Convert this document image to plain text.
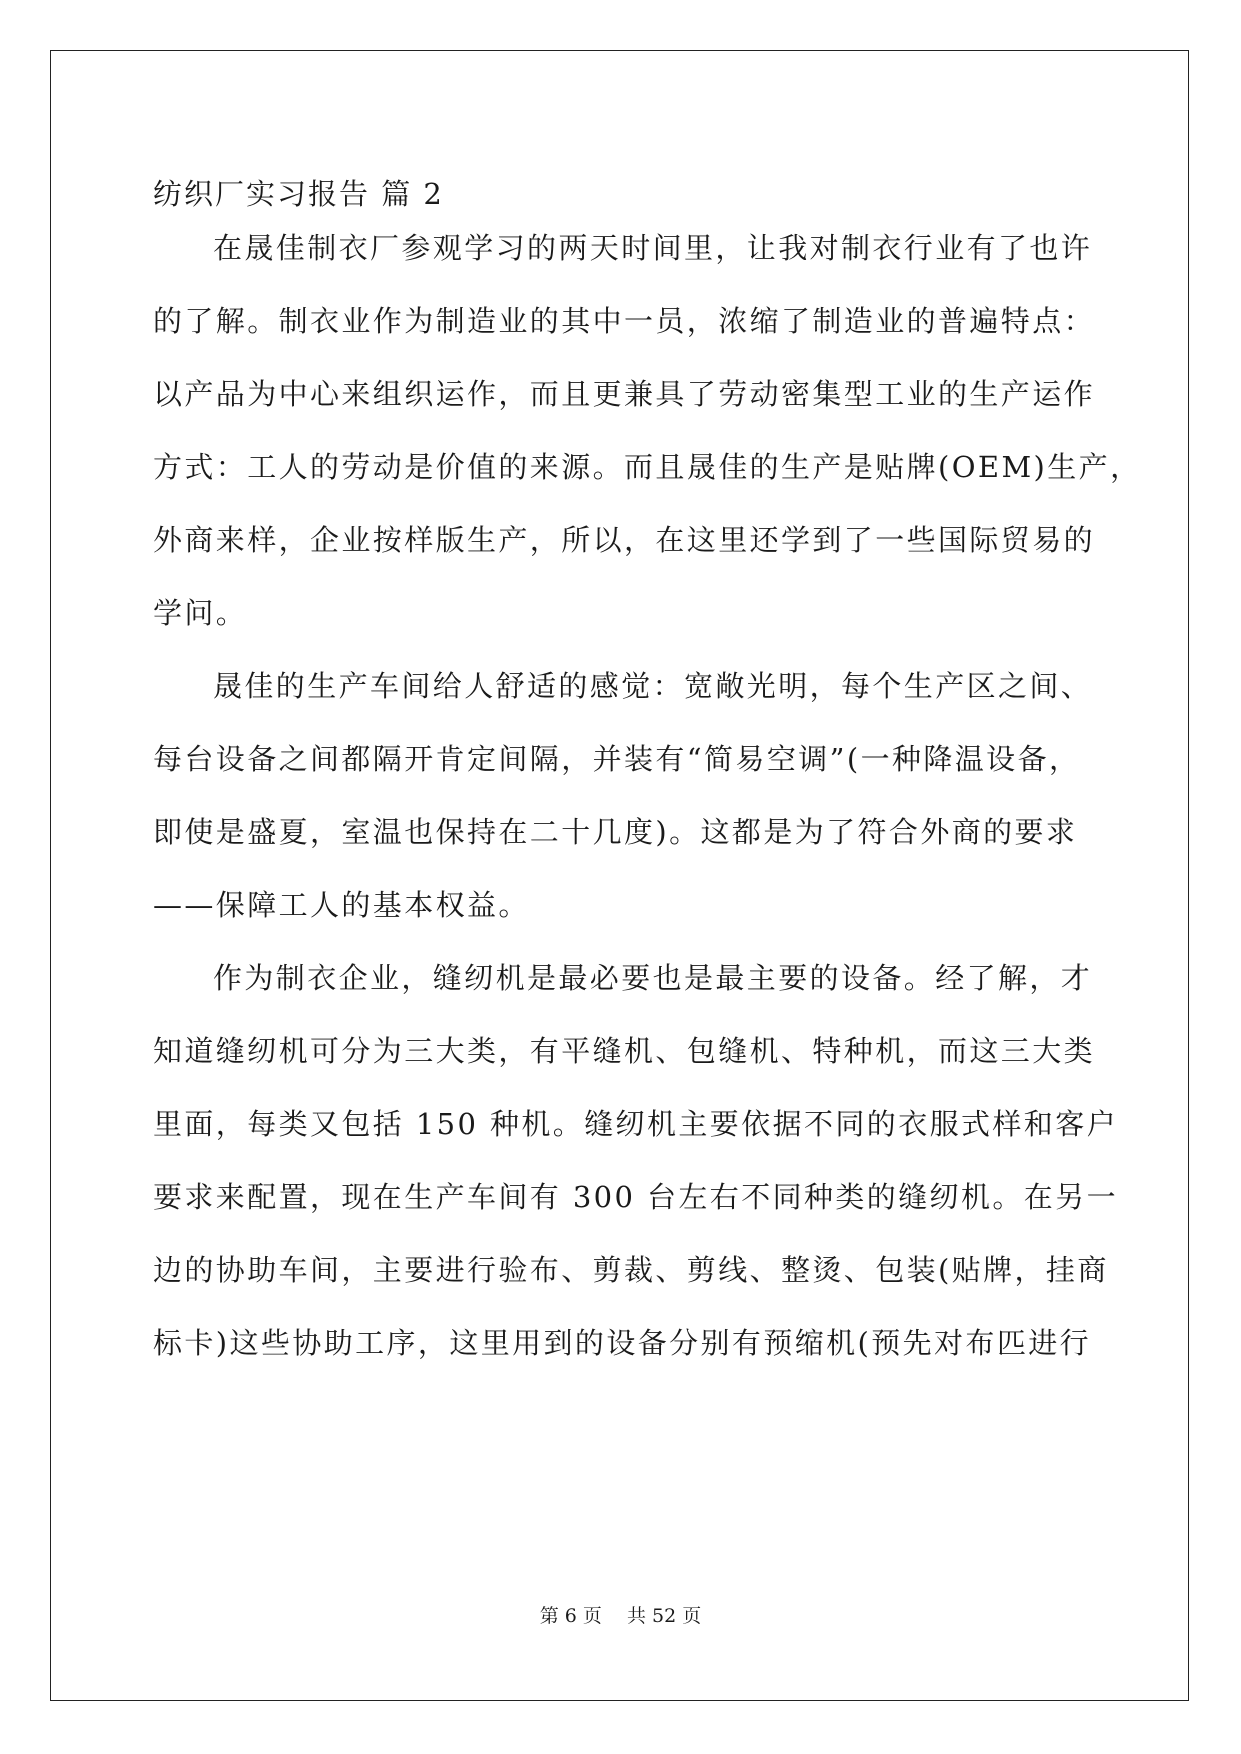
纺织厂实习报告 篇 2
在晟佳制衣厂参观学习的两天时间里，让我对制衣行业有了也许
的了解。制衣业作为制造业的其中一员，浓缩了制造业的普遍特点：
以产品为中心来组织运作，而且更兼具了劳动密集型工业的生产运作
方式：工人的劳动是价值的来源。而且晟佳的生产是贴牌(OEM)生产，
外商来样，企业按样版生产，所以，在这里还学到了一些国际贸易的
学问。
晟佳的生产车间给人舒适的感觉：宽敞光明，每个生产区之间、
每台设备之间都隔开肯定间隔，并装有“简易空调”(一种降温设备，
即使是盛夏，室温也保持在二十几度)。这都是为了符合外商的要求
——保障工人的基本权益。
作为制衣企业，缝纫机是最必要也是最主要的设备。经了解，才
知道缝纫机可分为三大类，有平缝机、包缝机、特种机，而这三大类
里面，每类又包括 150 种机。缝纫机主要依据不同的衣服式样和客户
要求来配置，现在生产车间有 300 台左右不同种类的缝纫机。在另一
边的协助车间，主要进行验布、剪裁、剪线、整烫、包装(贴牌，挂商
标卡)这些协助工序，这里用到的设备分别有预缩机(预先对布匹进行
第 6 页　 共 52 页
